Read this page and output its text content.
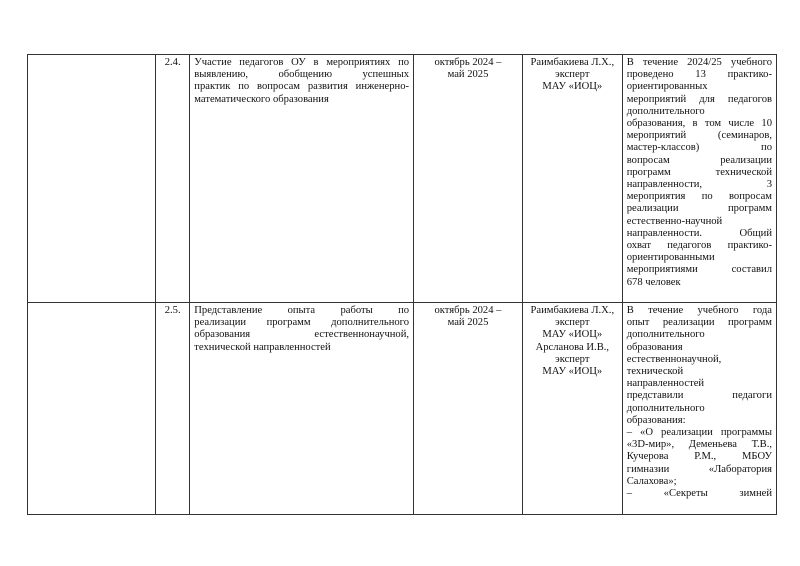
	2.4.	Участие педагогов ОУ в мероприятиях по
выявлению, обобщению успешных
практик по вопросам развития инженерно-
математического образования

октябрь 2024 –
май 2025

Раимбакиева Л.Х.,
эксперт
МАУ «ИОЦ»

В течение 2024/25 учебного
проведено 13 практико-
ориентированных
мероприятий для педагогов
дополнительного
образования, в том числе 10
мероприятий (семинаров,
мастер-классов) по
вопросам реализации
программ технической
направленности, 3
мероприятия по вопросам
реализации программ
естественно-научной
направленности. Общий
охват педагогов практико-
ориентированными
мероприятиями составил
678 человек

	2.5.	Представление опыта работы по
реализации программ дополнительного
образования естественнонаучной,
технической направленностей

октябрь 2024 –
май 2025

Раимбакиева Л.Х.,
эксперт
МАУ «ИОЦ»
Арсланова И.В.,
эксперт
МАУ «ИОЦ»

В течение учебного года
опыт реализации программ
дополнительного
образования
естественнонаучной,
технической
направленностей
представили педагоги
дополнительного
образования:
– «О реализации программы
«3D-мир», Деменьева Т.В.,
Кучерова Р.М., МБОУ
гимназии «Лаборатория
Салахова»;
– «Секреты зимней
